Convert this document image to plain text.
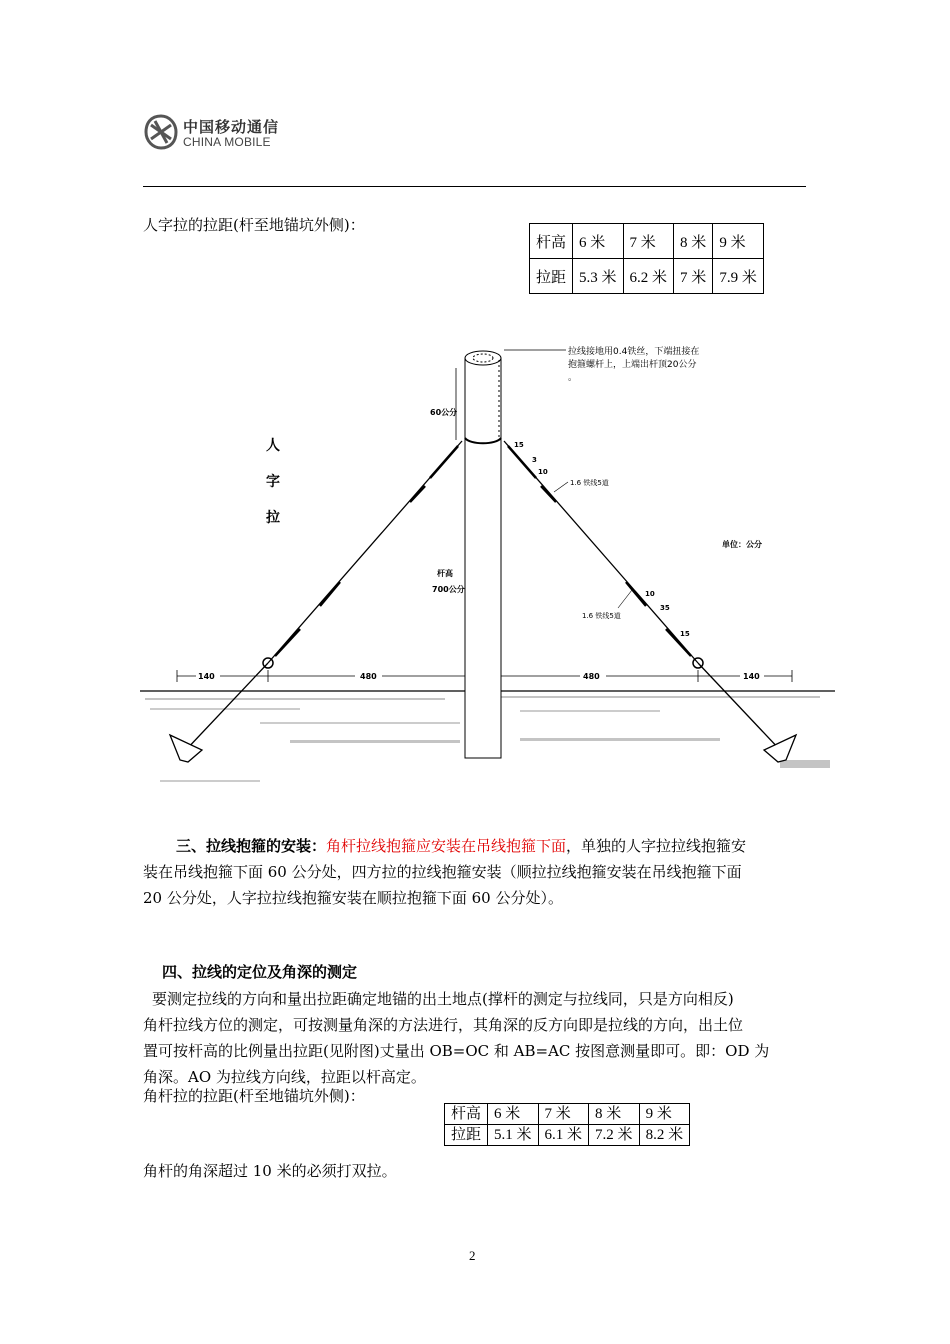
中国移动通信
CHINA MOBILE
人字拉的拉距(杆至地锚坑外侧)：
杆高	6 米	7 米	8 米	9 米
拉距	5.3 米	6.2 米	7 米	7.9 米
60公分
拉线接地用0.4铁丝，下端扭接在
抱箍螺杆上，上端出杆顶20公分
。
人
字
拉
杆高
700公分
单位：公分
15
3
10
1.6 铁线5道
10
35
15
1.6 铁线5道
140	480	480	140
三、拉线抱箍的安装：角杆拉线抱箍应安装在吊线抱箍下面，单独的人字拉拉线抱箍安
装在吊线抱箍下面 60 公分处，四方拉的拉线抱箍安装（顺拉拉线抱箍安装在吊线抱箍下面
20 公分处，人字拉拉线抱箍安装在顺拉抱箍下面 60 公分处）。
四、拉线的定位及角深的测定
要测定拉线的方向和量出拉距确定地锚的出土地点(撑杆的测定与拉线同，只是方向相反)
角杆拉线方位的测定，可按测量角深的方法进行，其角深的反方向即是拉线的方向，出土位
置可按杆高的比例量出拉距(见附图)丈量出 OB=OC 和 AB=AC 按图意测量即可。即：OD 为
角深。AO 为拉线方向线，拉距以杆高定。
角杆拉的拉距(杆至地锚坑外侧)：
杆高	6 米	7 米	8 米	9 米
拉距	5.1 米	6.1 米	7.2 米	8.2 米
角杆的角深超过 10 米的必须打双拉。
2
